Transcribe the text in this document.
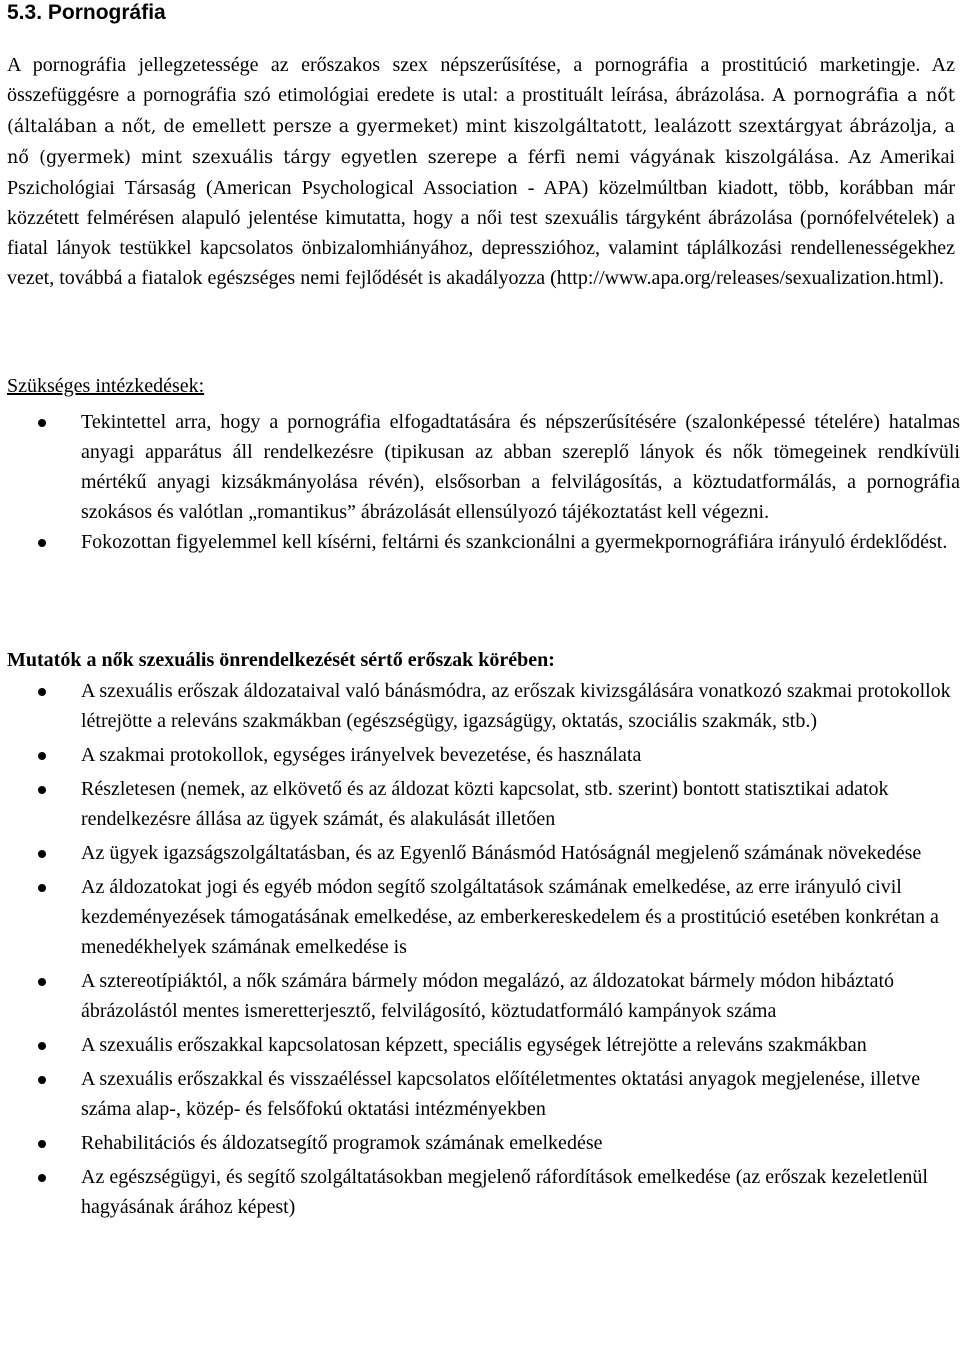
5.3. Pornográfia

A pornográfia jellegzetessége az erőszakos szex népszerűsítése, a pornográfia a prostitúció marketingje. Az összefüggésre a pornográfia szó etimológiai eredete is utal: a prostituált leírása, ábrázolása. A pornográfia a nőt (általában a nőt, de emellett persze a gyermeket) mint kiszolgáltatott, lealázott szextárgyat ábrázolja, a nő (gyermek) mint szexuális tárgy egyetlen szerepe a férfi nemi vágyának kiszolgálása. Az Amerikai Pszichológiai Társaság (American Psychological Association - APA) közelmúltban kiadott, több, korábban már közzétett felmérésen alapuló jelentése kimutatta, hogy a női test szexuális tárgyként ábrázolása (pornófelvételek) a fiatal lányok testükkel kapcsolatos önbizalomhiányához, depresszióhoz, valamint táplálkozási rendellenességekhez vezet, továbbá a fiatalok egészséges nemi fejlődését is akadályozza (http://www.apa.org/releases/sexualization.html).

Szükséges intézkedések:

Tekintettel arra, hogy a pornográfia elfogadtatására és népszerűsítésére (szalonképessé tételére) hatalmas anyagi apparátus áll rendelkezésre (tipikusan az abban szereplő lányok és nők tömegeinek rendkívüli mértékű anyagi kizsákmányolása révén), elsősorban a felvilágosítás, a köztudatformálás, a pornográfia szokásos és valótlan „romantikus” ábrázolását ellensúlyozó tájékoztatást kell végezni.
Fokozottan figyelemmel kell kísérni, feltárni és szankcionálni a gyermekpornográfiára irányuló érdeklődést.

Mutatók a nők szexuális önrendelkezését sértő erőszak körében:

A szexuális erőszak áldozataival való bánásmódra, az erőszak kivizsgálására vonatkozó szakmai protokollok létrejötte a releváns szakmákban (egészségügy, igazságügy, oktatás, szociális szakmák, stb.)
A szakmai protokollok, egységes irányelvek bevezetése, és használata
Részletesen (nemek, az elkövető és az áldozat közti kapcsolat, stb. szerint) bontott statisztikai adatok rendelkezésre állása az ügyek számát, és alakulását illetően
Az ügyek igazságszolgáltatásban, és az Egyenlő Bánásmód Hatóságnál megjelenő számának növekedése
Az áldozatokat jogi és egyéb módon segítő szolgáltatások számának emelkedése, az erre irányuló civil kezdeményezések támogatásának emelkedése, az emberkereskedelem és a prostitúció esetében konkrétan a menedékhelyek számának emelkedése is
A sztereotípiáktól, a nők számára bármely módon megalázó, az áldozatokat bármely módon hibáztató ábrázolástól mentes ismeretterjesztő, felvilágosító, köztudatformáló kampányok száma
A szexuális erőszakkal kapcsolatosan képzett, speciális egységek létrejötte a releváns szakmákban
A szexuális erőszakkal és visszaéléssel kapcsolatos előítéletmentes oktatási anyagok megjelenése, illetve száma alap-, közép- és felsőfokú oktatási intézményekben
Rehabilitációs és áldozatsegítő programok számának emelkedése
Az egészségügyi, és segítő szolgáltatásokban megjelenő ráfordítások emelkedése (az erőszak kezeletlenül hagyásának árához képest)
